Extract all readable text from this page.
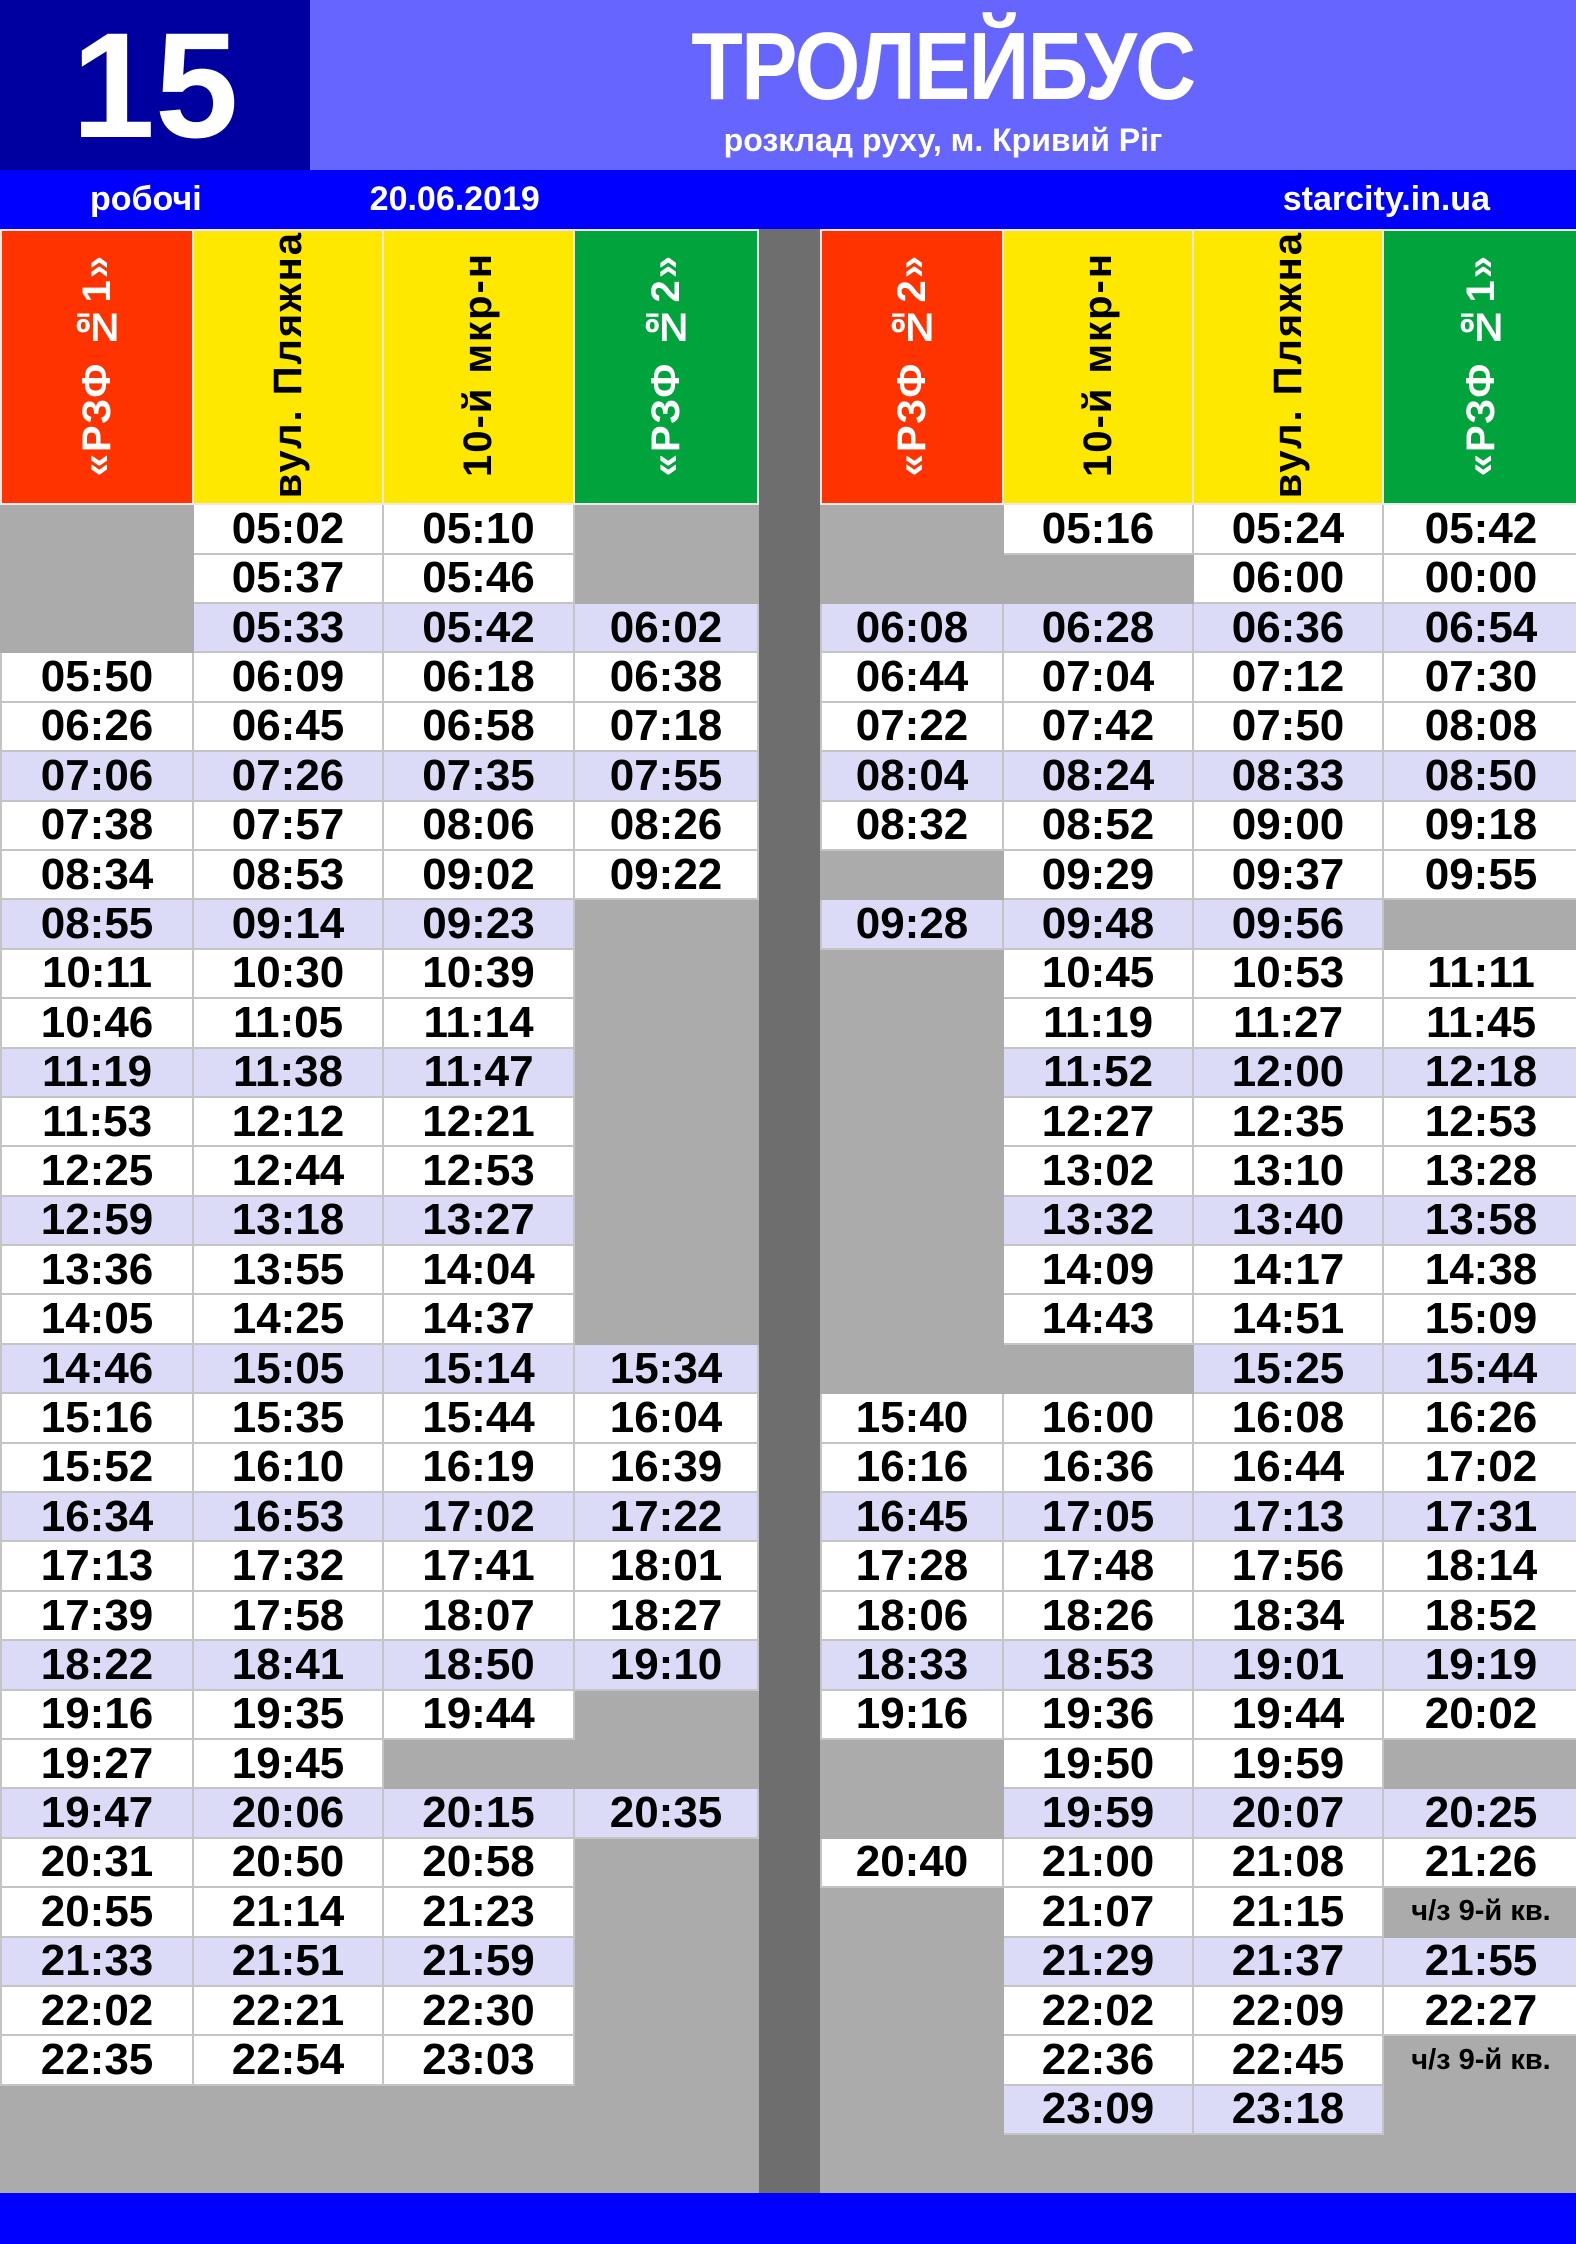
15	ТРОЛЕЙБУС
розклад руху, м. Кривий Ріг
робочі	20.06.2019	starcity.in.ua
«РЗФ №1»	вул. Пляжна	10-й мкр-н	«РЗФ №2»
	05:02	05:10	
	05:37	05:46	
	05:33	05:42	06:02
05:50	06:09	06:18	06:38
06:26	06:45	06:58	07:18
07:06	07:26	07:35	07:55
07:38	07:57	08:06	08:26
08:34	08:53	09:02	09:22
08:55	09:14	09:23	
10:11	10:30	10:39	
10:46	11:05	11:14	
11:19	11:38	11:47	
11:53	12:12	12:21	
12:25	12:44	12:53	
12:59	13:18	13:27	
13:36	13:55	14:04	
14:05	14:25	14:37	
14:46	15:05	15:14	15:34
15:16	15:35	15:44	16:04
15:52	16:10	16:19	16:39
16:34	16:53	17:02	17:22
17:13	17:32	17:41	18:01
17:39	17:58	18:07	18:27
18:22	18:41	18:50	19:10
19:16	19:35	19:44	
19:27	19:45		
19:47	20:06	20:15	20:35
20:31	20:50	20:58	
20:55	21:14	21:23	
21:33	21:51	21:59	
22:02	22:21	22:30	
22:35	22:54	23:03	
«РЗФ №2»	10-й мкр-н	вул. Пляжна	«РЗФ №1»
	05:16	05:24	05:42
		06:00	00:00
06:08	06:28	06:36	06:54
06:44	07:04	07:12	07:30
07:22	07:42	07:50	08:08
08:04	08:24	08:33	08:50
08:32	08:52	09:00	09:18
	09:29	09:37	09:55
09:28	09:48	09:56	
	10:45	10:53	11:11
	11:19	11:27	11:45
	11:52	12:00	12:18
	12:27	12:35	12:53
	13:02	13:10	13:28
	13:32	13:40	13:58
	14:09	14:17	14:38
	14:43	14:51	15:09
		15:25	15:44
15:40	16:00	16:08	16:26
16:16	16:36	16:44	17:02
16:45	17:05	17:13	17:31
17:28	17:48	17:56	18:14
18:06	18:26	18:34	18:52
18:33	18:53	19:01	19:19
19:16	19:36	19:44	20:02
	19:50	19:59	
	19:59	20:07	20:25
20:40	21:00	21:08	21:26
	21:07	21:15	ч/з 9-й кв.
	21:29	21:37	21:55
	22:02	22:09	22:27
	22:36	22:45	ч/з 9-й кв.
	23:09	23:18	
